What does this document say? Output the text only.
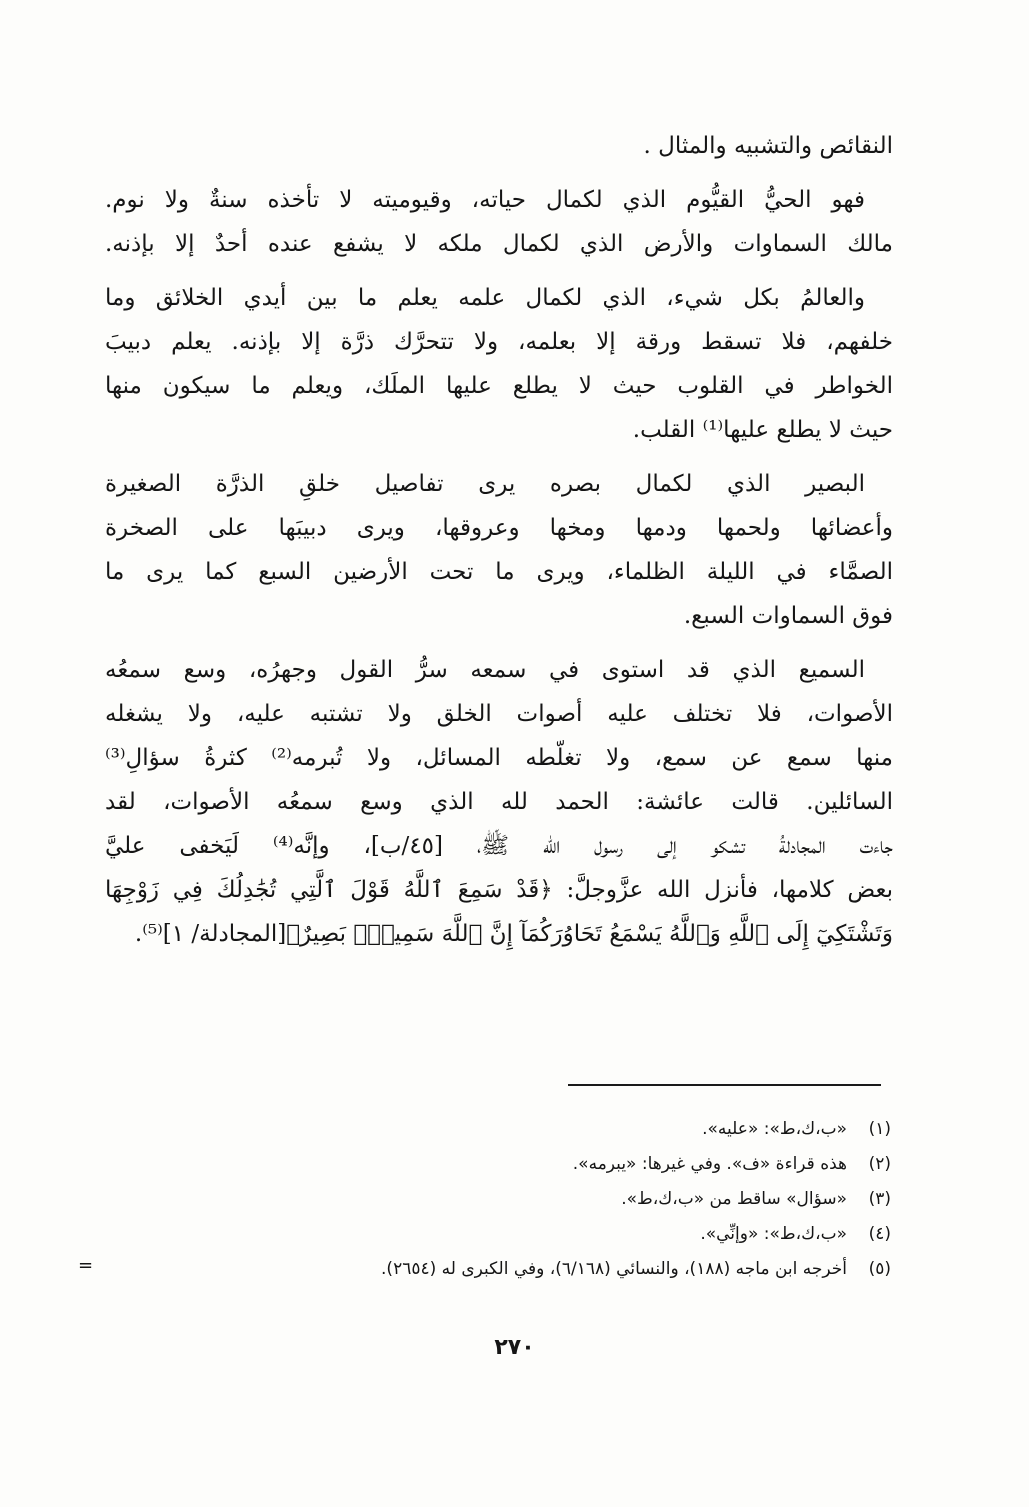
النقائص والتشبيه والمثال .

فهو الحيُّ القيُّوم الذي لكمال حياته، وقيوميته لا تأخذه سنةٌ ولا نوم.
مالك السماوات والأرض الذي لكمال ملكه لا يشفع عنده أحدٌ إلا بإذنه.

والعالمُ بكل شيء، الذي لكمال علمه يعلم ما بين أيدي الخلائق وما
خلفهم، فلا تسقط ورقة إلا بعلمه، ولا تتحرَّك ذرَّة إلا بإذنه. يعلم دبيبَ
الخواطر في القلوب حيث لا يطلع عليها الملَك، ويعلم ما سيكون منها
حيث لا يطلع عليها⁽¹⁾ القلب.

البصير الذي لكمال بصره يرى تفاصيل خلقِ الذرَّة الصغيرة
وأعضائها ولحمها ودمها ومخها وعروقها، ويرى دبيبَها على الصخرة
الصمَّاء في الليلة الظلماء، ويرى ما تحت الأرضين السبع كما يرى ما
فوق السماوات السبع.

السميع الذي قد استوى في سمعه سرُّ القول وجهرُه، وسع سمعُه
الأصوات، فلا تختلف عليه أصوات الخلق ولا تشتبه عليه، ولا يشغله
منها سمع عن سمع، ولا تغلّطه المسائل، ولا تُبرمه⁽²⁾ كثرةُ سؤالِ⁽³⁾
السائلين. قالت عائشة: الحمد لله الذي وسع سمعُه الأصوات، لقد
جاءت المجادلةُ تشكو إلى رسول الله ﷺ، [٤٥/ب]، وإنَّه⁽⁴⁾ لَيَخفى عليَّ
بعض كلامها، فأنزل الله عزَّوجلَّ: ﴿قَدْ سَمِعَ ٱللَّهُ قَوْلَ ٱلَّتِي تُجَٰدِلُكَ فِي زَوْجِهَا
وَتَشْتَكِيٓ إِلَى ٱللَّهِ وَٱللَّهُ يَسْمَعُ تَحَاوُرَكُمَآ إِنَّ ٱللَّهَ سَمِيعُۢ بَصِيرٌ﴾[المجادلة/ ١]⁽⁵⁾.

(١)«ب،ك،ط»: «عليه».
(٢)هذه قراءة «ف». وفي غيرها: «يبرمه».
(٣)«سؤال» ساقط من «ب،ك،ط».
(٤)«ب،ك،ط»: «وإنِّي».
(٥)أخرجه ابن ماجه (١٨٨)، والنسائي (٦/١٦٨)، وفي الكبرى له (٢٦٥٤).
=
٢٧٠
